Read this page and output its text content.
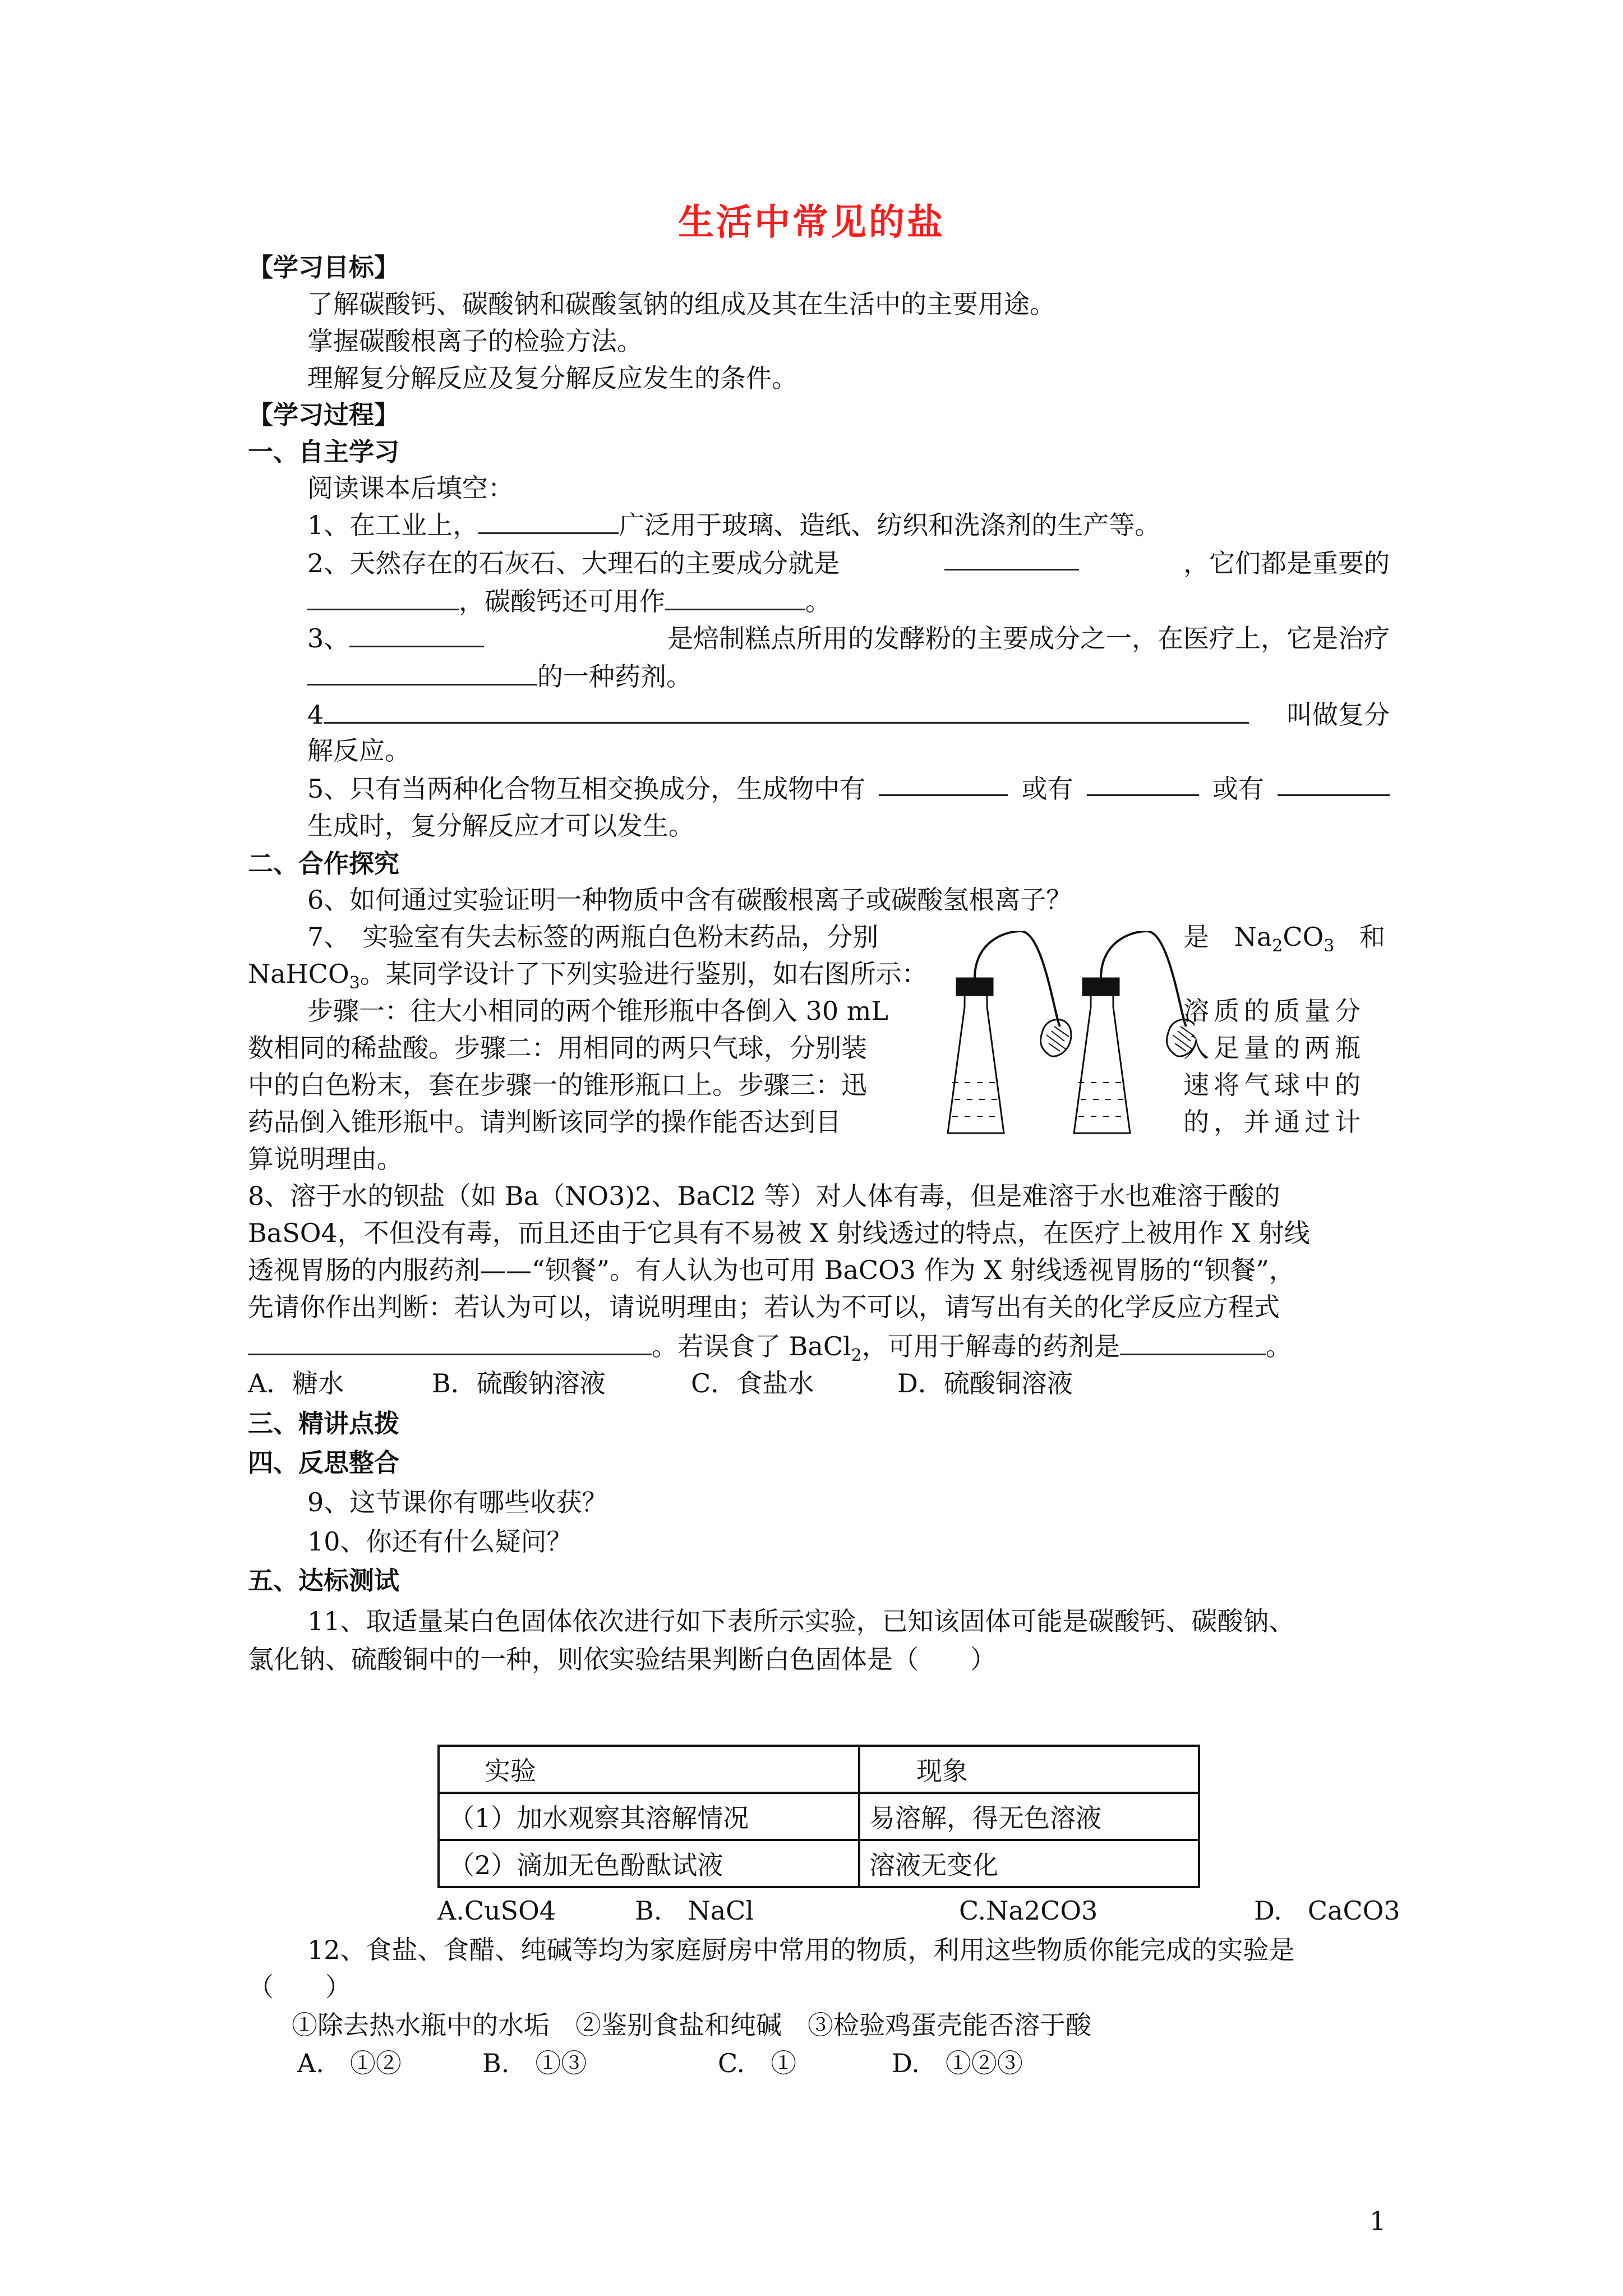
生活中常见的盐
【学习目标】
了解碳酸钙、碳酸钠和碳酸氢钠的组成及其在生活中的主要用途。
掌握碳酸根离子的检验方法。
理解复分解反应及复分解反应发生的条件。
【学习过程】
一、自主学习
阅读课本后填空：
1、在工业上，	广泛用于玻璃、造纸、纺织和洗涤剂的生产等。
2、天然存在的石灰石、大理石的主要成分就是	，它们都是重要的
，碳酸钙还可用作	。
3、	是焙制糕点所用的发酵粉的主要成分之一，在医疗上，它是治疗
的一种药剂。
4	叫做复分
解反应。
5、只有当两种化合物互相交换成分，生成物中有	或有	或有
生成时，复分解反应才可以发生。
二、合作探究
6、如何通过实验证明一种物质中含有碳酸根离子或碳酸氢根离子？
7、　实验室有失去标签的两瓶白色粉末药品，分别	是 $Na_2CO_3$ 和
NaHCO$_3$。某同学设计了下列实验进行鉴别，如右图所示：
步骤一：往大小相同的两个锥形瓶中各倒入 30 mL	溶质的质量分
数相同的稀盐酸。步骤二：用相同的两只气球，分别装	入足量的两瓶
中的白色粉末，套在步骤一的锥形瓶口上。步骤三：迅	速将气球中的
药品倒入锥形瓶中。请判断该同学的操作能否达到目	的，并通过计
算说明理由。
8、溶于水的钡盐（如 Ba（NO3)2、BaCl2 等）对人体有毒，但是难溶于水也难溶于酸的
BaSO4，不但没有毒，而且还由于它具有不易被 X 射线透过的特点，在医疗上被用作 X 射线
透视胃肠的内服药剂——“钡餐”。有人认为也可用 BaCO3 作为 X 射线透视胃肠的“钡餐”，
先请你作出判断：若认为可以，请说明理由；若认为不可以，请写出有关的化学反应方程式
。若误食了 BaCl$_2$，可用于解毒的药剂是	。
A．糖水	B．硫酸钠溶液	C．食盐水	D．硫酸铜溶液
三、精讲点拨
四、反思整合
9、这节课你有哪些收获？
10、你还有什么疑问？
五、达标测试
11、取适量某白色固体依次进行如下表所示实验，已知该固体可能是碳酸钙、碳酸钠、
氯化钠、硫酸铜中的一种，则依实验结果判断白色固体是（　　）
实验	现象
（1）加水观察其溶解情况	易溶解，得无色溶液
（2）滴加无色酚酞试液	溶液无变化
A.CuSO4	B.　NaCl	C.Na2CO3	D.　CaCO3
12、食盐、食醋、纯碱等均为家庭厨房中常用的物质，利用这些物质你能完成的实验是
（　　）
①除去热水瓶中的水垢　②鉴别食盐和纯碱　③检验鸡蛋壳能否溶于酸
A.　①②	B.　①③	C.　①	D.　①②③
1
